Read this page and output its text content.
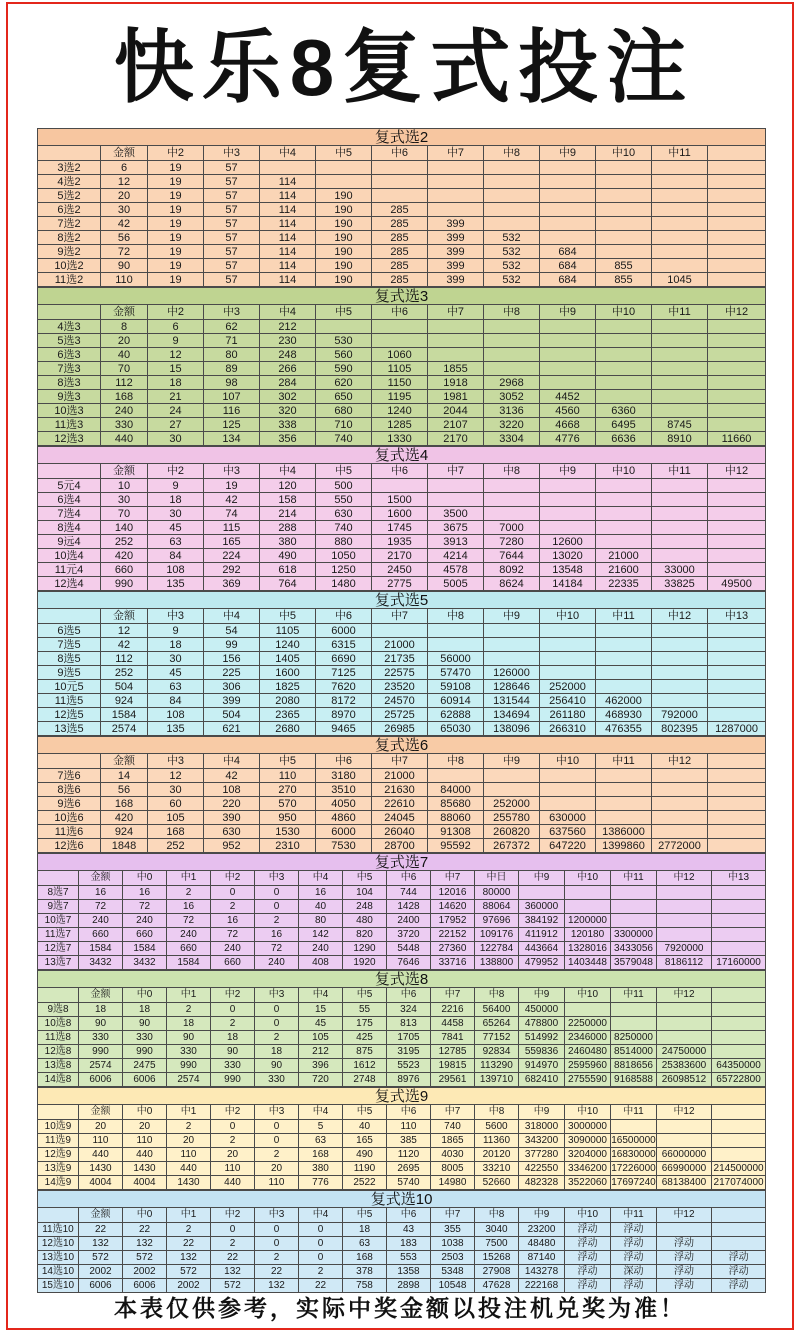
快乐8复式投注
复式选2												
	金额	中2	中3	中4	中5	中6	中7	中8	中9	中10	中11	
3选2	6	19	57									
4选2	12	19	57	114								
5选2	20	19	57	114	190							
6选2	30	19	57	114	190	285						
7选2	42	19	57	114	190	285	399					
8选2	56	19	57	114	190	285	399	532				
9选2	72	19	57	114	190	285	399	532	684			
10选2	90	19	57	114	190	285	399	532	684	855		
11选2	110	19	57	114	190	285	399	532	684	855	1045	
复式选3												
	金额	中2	中3	中4	中5	中6	中7	中8	中9	中10	中11	中12
4选3	8	6	62	212								
5选3	20	9	71	230	530							
6选3	40	12	80	248	560	1060						
7选3	70	15	89	266	590	1105	1855					
8选3	112	18	98	284	620	1150	1918	2968				
9选3	168	21	107	302	650	1195	1981	3052	4452			
10选3	240	24	116	320	680	1240	2044	3136	4560	6360		
11选3	330	27	125	338	710	1285	2107	3220	4668	6495	8745	
12选3	440	30	134	356	740	1330	2170	3304	4776	6636	8910	11660
复式选4												
	金额	中2	中3	中4	中5	中6	中7	中8	中9	中10	中11	中12
5元4	10	9	19	120	500							
6选4	30	18	42	158	550	1500						
7选4	70	30	74	214	630	1600	3500					
8选4	140	45	115	288	740	1745	3675	7000				
9远4	252	63	165	380	880	1935	3913	7280	12600			
10选4	420	84	224	490	1050	2170	4214	7644	13020	21000		
11元4	660	108	292	618	1250	2450	4578	8092	13548	21600	33000	
12选4	990	135	369	764	1480	2775	5005	8624	14184	22335	33825	49500
复式选5												
	金额	中3	中4	中5	中6	中7	中8	中9	中10	中11	中12	中13
6选5	12	9	54	1105	6000							
7选5	42	18	99	1240	6315	21000						
8选5	112	30	156	1405	6690	21735	56000					
9选5	252	45	225	1600	7125	22575	57470	126000				
10元5	504	63	306	1825	7620	23520	59108	128646	252000			
11选5	924	84	399	2080	8172	24570	60914	131544	256410	462000		
12选5	1584	108	504	2365	8970	25725	62888	134694	261180	468930	792000	
13选5	2574	135	621	2680	9465	26985	65030	138096	266310	476355	802395	1287000
复式选6												
	金额	中3	中4	中5	中6	中7	中8	中9	中10	中11	中12	
7选6	14	12	42	110	3180	21000						
8选6	56	30	108	270	3510	21630	84000					
9选6	168	60	220	570	4050	22610	85680	252000				
10选6	420	105	390	950	4860	24045	88060	255780	630000			
11选6	924	168	630	1530	6000	26040	91308	260820	637560	1386000		
12选6	1848	252	952	2310	7530	28700	95592	267372	647220	1399860	2772000	
复式选7															
	金额	中0	中1	中2	中3	中4	中5	中6	中7	中日	中9	中10	中11	中12	中13
8选7	16	16	2	0	0	16	104	744	12016	80000					
9选7	72	72	16	2	0	40	248	1428	14620	88064	360000				
10选7	240	240	72	16	2	80	480	2400	17952	97696	384192	1200000			
11选7	660	660	240	72	16	142	820	3720	22152	109176	411912	120180	3300000		
12选7	1584	1584	660	240	72	240	1290	5448	27360	122784	443664	1328016	3433056	7920000	
13选7	3432	3432	1584	660	240	408	1920	7646	33716	138800	479952	1403448	3579048	8186112	17160000
复式选8															
	金额	中0	中1	中2	中3	中4	中5	中6	中7	中8	中9	中10	中11	中12	
9选8	18	18	2	0	0	15	55	324	2216	56400	450000				
10选8	90	90	18	2	0	45	175	813	4458	65264	478800	2250000			
11选8	330	330	90	18	2	105	425	1705	7841	77152	514992	2346000	8250000		
12选8	990	990	330	90	18	212	875	3195	12785	92834	559836	2460480	8514000	24750000	
13选8	2574	2475	990	330	90	396	1612	5523	19815	113290	914970	2595960	8818656	25383600	64350000
14选8	6006	6006	2574	990	330	720	2748	8976	29561	139710	682410	2755590	9168588	26098512	65722800
复式选9															
	金额	中0	中1	中2	中3	中4	中5	中6	中7	中8	中9	中10	中11	中12	
10选9	20	20	2	0	0	5	40	110	740	5600	318000	3000000			
11选9	110	110	20	2	0	63	165	385	1865	11360	343200	3090000	16500000		
12选9	440	440	110	20	2	168	490	1120	4030	20120	377280	3204000	16830000	66000000	
13选9	1430	1430	440	110	20	380	1190	2695	8005	33210	422550	3346200	17226000	66990000	214500000
14选9	4004	4004	1430	440	110	776	2522	5740	14980	52660	482328	3522060	17697240	68138400	217074000
复式选10															
	金额	中0	中1	中2	中3	中4	中5	中6	中7	中8	中9	中10	中11	中12	
11选10	22	22	2	0	0	0	18	43	355	3040	23200	浮动	浮动		
12选10	132	132	22	2	0	0	63	183	1038	7500	48480	浮动	浮动	浮动	
13选10	572	572	132	22	2	0	168	553	2503	15268	87140	浮动	浮动	浮动	浮动
14选10	2002	2002	572	132	22	2	378	1358	5348	27908	143278	浮动	深动	浮动	浮动
15选10	6006	6006	2002	572	132	22	758	2898	10548	47628	222168	浮动	浮动	浮动	浮动
本表仅供参考，实际中奖金额以投注机兑奖为准！
